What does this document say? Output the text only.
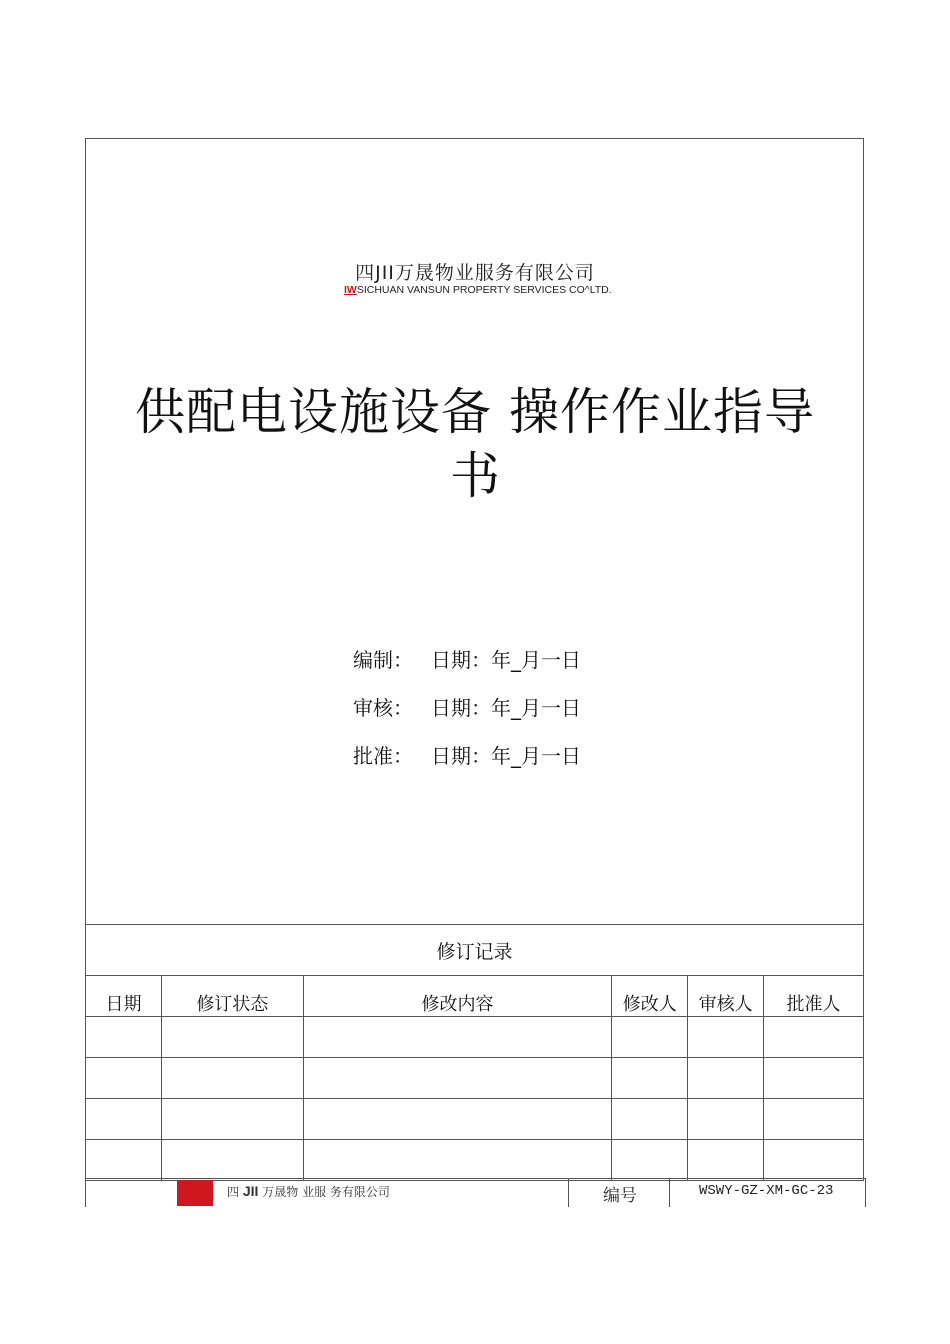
四JII万晟物业服务有限公司
IWSICHUAN VANSUN PROPERTY SERVICES CO^LTD.
供配电设施设备 操作作业指导
书
编制： 日期：年_月一日
审核： 日期：年_月一日
批准： 日期：年_月一日
修订记录					
日期	修订状态	修改内容	修改人	审核人	批准人

四 JII 万晟物 业服 务有限公司	编号	WSWY-GZ-XM-GC-23
